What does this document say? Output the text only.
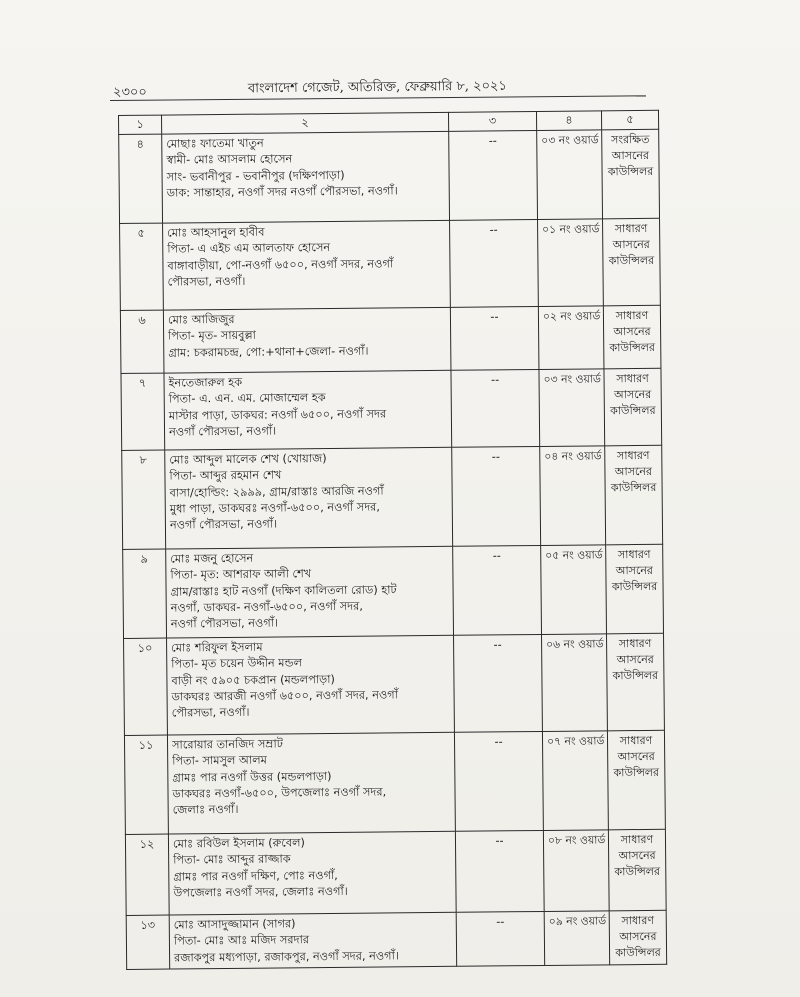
২৩০০	বাংলাদেশ গেজেট, অতিরিক্ত, ফেব্রুয়ারি ৮, ২০২১
১	২	৩	৪	৫
৪	মোছাঃ ফাতেমা খাতুন
স্বামী- মোঃ আসলাম হোসেন
সাং- ভবানীপুর - ভবানীপুর (দক্ষিণপাড়া)
ডাক: সান্তাহার, নওগাঁ সদর নওগাঁ পৌরসভা, নওগাঁ।	--	০৩ নং ওয়ার্ড	সংরক্ষিত
আসনের
কাউন্সিলর

৫	মোঃ আহসানুল হাবীব
পিতা- এ এইচ এম আলতাফ হোসেন
বাঙ্গাবাড়ীয়া, পো-নওগাঁ ৬৫০০, নওগাঁ সদর, নওগাঁ
পৌরসভা, নওগাঁ।	--	০১ নং ওয়ার্ড	সাধারণ
আসনের
কাউন্সিলর

৬	মোঃ আজিজুর
পিতা- মৃত- সায়বুল্লা
গ্রাম: চকরামচন্দ্র, পো:+থানা+জেলা- নওগাঁ।	--	০২ নং ওয়ার্ড	সাধারণ
আসনের
কাউন্সিলর

৭	ইনতেজারুল হক
পিতা- এ. এন. এম. মোজাম্মেল হক
মাস্টার পাড়া, ডাকঘর: নওগাঁ ৬৫০০, নওগাঁ সদর
নওগাঁ পৌরসভা, নওগাঁ।	--	০৩ নং ওয়ার্ড	সাধারণ
আসনের
কাউন্সিলর

৮	মোঃ আব্দুল মালেক শেখ (খোয়াজ)
পিতা- আব্দুর রহমান শেখ
বাসা/হোল্ডিং: ২৯৯৯, গ্রাম/রাস্তাঃ আরজি নওগাঁ
মুধা পাড়া, ডাকঘরঃ নওগাঁ-৬৫০০, নওগাঁ সদর,
নওগাঁ পৌরসভা, নওগাঁ।	--	০৪ নং ওয়ার্ড	সাধারণ
আসনের
কাউন্সিলর

৯	মোঃ মজনু হোসেন
পিতা- মৃত: আশরাফ আলী শেখ
গ্রাম/রাস্তাঃ হাট নওগাঁ (দক্ষিণ কালিতলা রোড) হাট
নওগাঁ, ডাকঘর- নওগাঁ-৬৫০০, নওগাঁ সদর,
নওগাঁ পৌরসভা, নওগাঁ।	--	০৫ নং ওয়ার্ড	সাধারণ
আসনের
কাউন্সিলর

১০	মোঃ শরিফুল ইসলাম
পিতা- মৃত চয়েন উদ্দীন মন্ডল
বাড়ী নং ৫৯০৫ চকপ্রান (মন্ডলপাড়া)
ডাকঘরঃ আরজী নওগাঁ ৬৫০০, নওগাঁ সদর, নওগাঁ
পৌরসভা, নওগাঁ।	--	০৬ নং ওয়ার্ড	সাধারণ
আসনের
কাউন্সিলর

১১	সারোয়ার তানজিদ সম্রাট
পিতা- সামসুল আলম
গ্রামঃ পার নওগাঁ উত্তর (মন্ডলপাড়া)
ডাকঘরঃ নওগাঁ-৬৫০০, উপজেলাঃ নওগাঁ সদর,
জেলাঃ নওগাঁ।	--	০৭ নং ওয়ার্ড	সাধারণ
আসনের
কাউন্সিলর

১২	মোঃ রবিউল ইসলাম (রুবেল)
পিতা- মোঃ আব্দুর রাজ্জাক
গ্রামঃ পার নওগাঁ দক্ষিণ, পোঃ নওগাঁ,
উপজেলাঃ নওগাঁ সদর, জেলাঃ নওগাঁ।	--	০৮ নং ওয়ার্ড	সাধারণ
আসনের
কাউন্সিলর

১৩	মোঃ আসাদুজ্জামান (সাগর)
পিতা- মোঃ আঃ মজিদ সরদার
রজাকপুর মধ্যপাড়া, রজাকপুর, নওগাঁ সদর, নওগাঁ।	--	০৯ নং ওয়ার্ড	সাধারণ
আসনের
কাউন্সিলর
